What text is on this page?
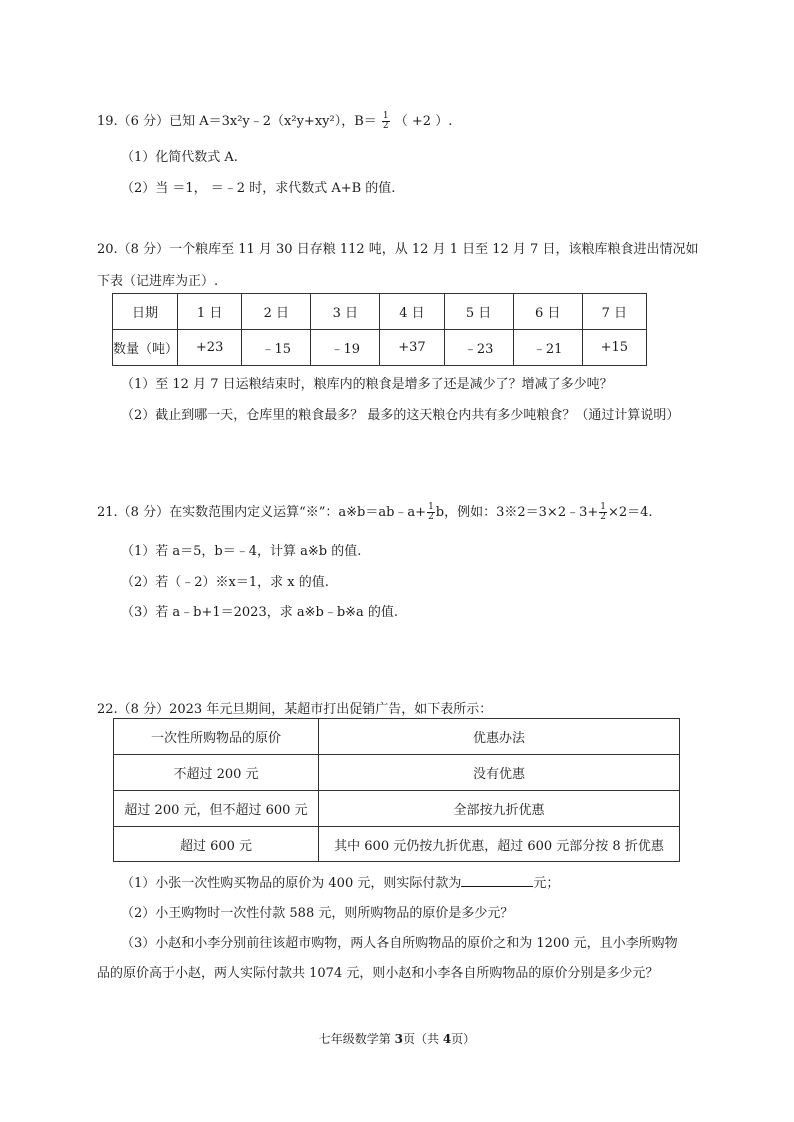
19.（6 分）已知 A＝3x²y﹣2（x²y+xy²），$B= \frac{1}{2}$ （ +2 ）.
（1）化简代数式 A.
（2）当 ＝1， ＝﹣2 时，求代数式 A+B 的值.
20.（8 分）一个粮库至 11 月 30 日存粮 112 吨，从 12 月 1 日至 12 月 7 日，该粮库粮食进出情况如
下表（记进库为正）.
日期	1 日	2 日	3 日	4 日	5 日	6 日	7 日
数量（吨）	+23	﹣15	﹣19	+37	﹣23	﹣21	+15
（1）至 12 月 7 日运粮结束时，粮库内的粮食是增多了还是减少了？增减了多少吨？
（2）截止到哪一天，仓库里的粮食最多？ 最多的这天粮仓内共有多少吨粮食？（通过计算说明）
21.（8 分）在实数范围内定义运算“※”：a※b＝ab﹣a+ $\frac{1}{2}$ b，例如：3※2＝3×2﹣3+ $\frac{1}{2} \times 2=4$.
（1）若 a＝5，b＝﹣4，计算 a※b 的值.
（2）若（﹣2）※x＝1，求 x 的值.
（3）若 a﹣b+1＝2023，求 a※b﹣b※a 的值.
22.（8 分）2023 年元旦期间，某超市打出促销广告，如下表所示：
一次性所购物品的原价	优惠办法
不超过 200 元	没有优惠
超过 200 元，但不超过 600 元	全部按九折优惠
超过 600 元	其中 600 元仍按九折优惠，超过 600 元部分按 8 折优惠
（1）小张一次性购买物品的原价为 400 元，则实际付款为	元；
（2）小王购物时一次性付款 588 元，则所购物品的原价是多少元？
（3）小赵和小李分别前往该超市购物，两人各自所购物品的原价之和为 1200 元，且小李所购物
品的原价高于小赵，两人实际付款共 1074 元，则小赵和小李各自所购物品的原价分别是多少元？
七年级数学第 3页（共 4页）
